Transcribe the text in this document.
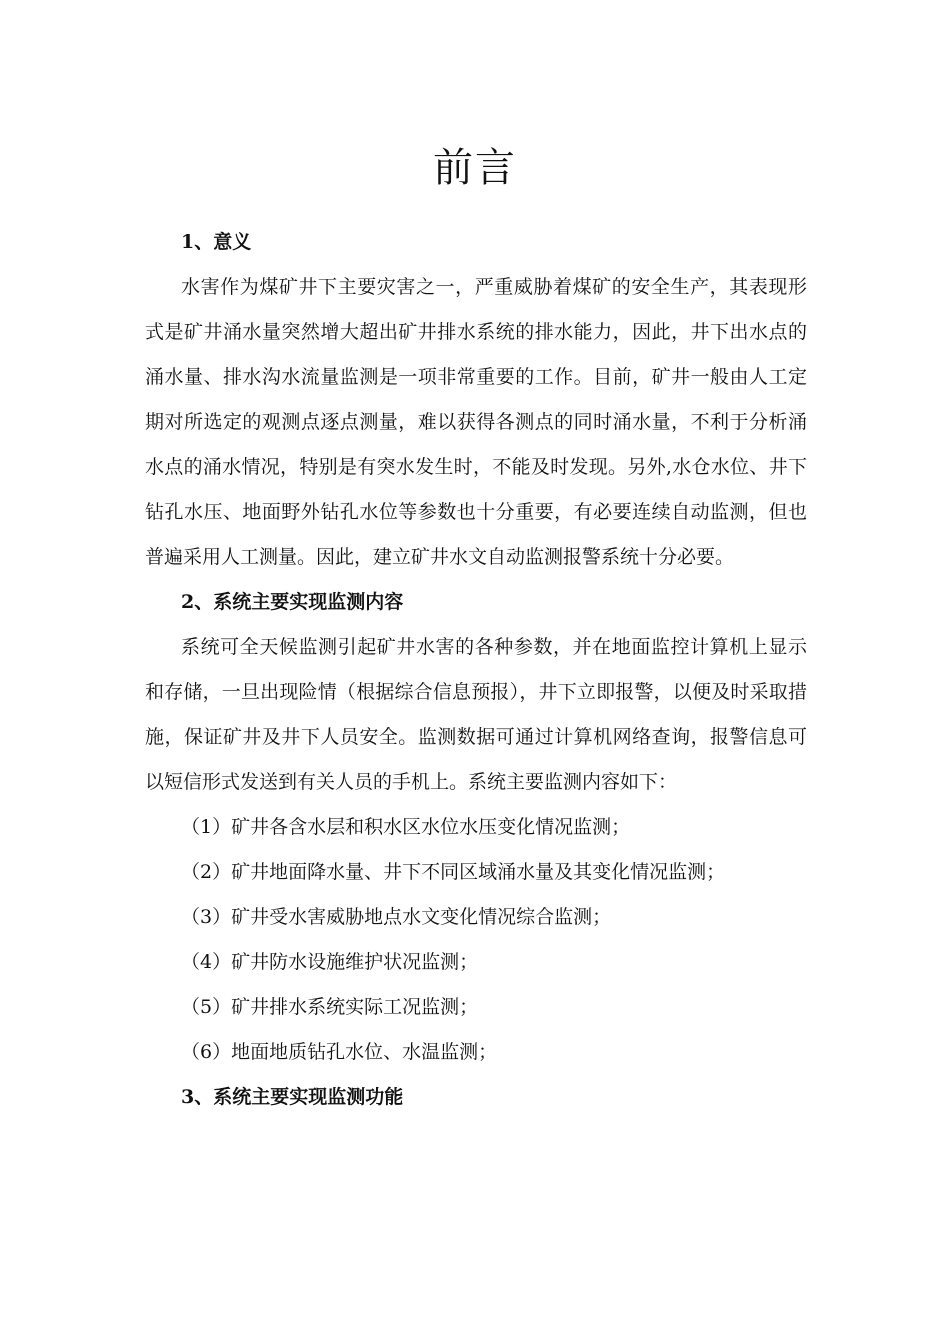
前言

1、意义

水害作为煤矿井下主要灾害之一，严重威胁着煤矿的安全生产，其表现形式是矿井涌水量突然增大超出矿井排水系统的排水能力，因此，井下出水点的涌水量、排水沟水流量监测是一项非常重要的工作。目前，矿井一般由人工定期对所选定的观测点逐点测量，难以获得各测点的同时涌水量，不利于分析涌水点的涌水情况，特别是有突水发生时，不能及时发现。另外,水仓水位、井下钻孔水压、地面野外钻孔水位等参数也十分重要，有必要连续自动监测，但也普遍采用人工测量。因此，建立矿井水文自动监测报警系统十分必要。

2、系统主要实现监测内容

系统可全天候监测引起矿井水害的各种参数，并在地面监控计算机上显示和存储，一旦出现险情（根据综合信息预报），井下立即报警，以便及时采取措施，保证矿井及井下人员安全。监测数据可通过计算机网络查询，报警信息可以短信形式发送到有关人员的手机上。系统主要监测内容如下：

（1）矿井各含水层和积水区水位水压变化情况监测；
（2）矿井地面降水量、井下不同区域涌水量及其变化情况监测；
（3）矿井受水害威胁地点水文变化情况综合监测；
（4）矿井防水设施维护状况监测；
（5）矿井排水系统实际工况监测；
（6）地面地质钻孔水位、水温监测；

3、系统主要实现监测功能
